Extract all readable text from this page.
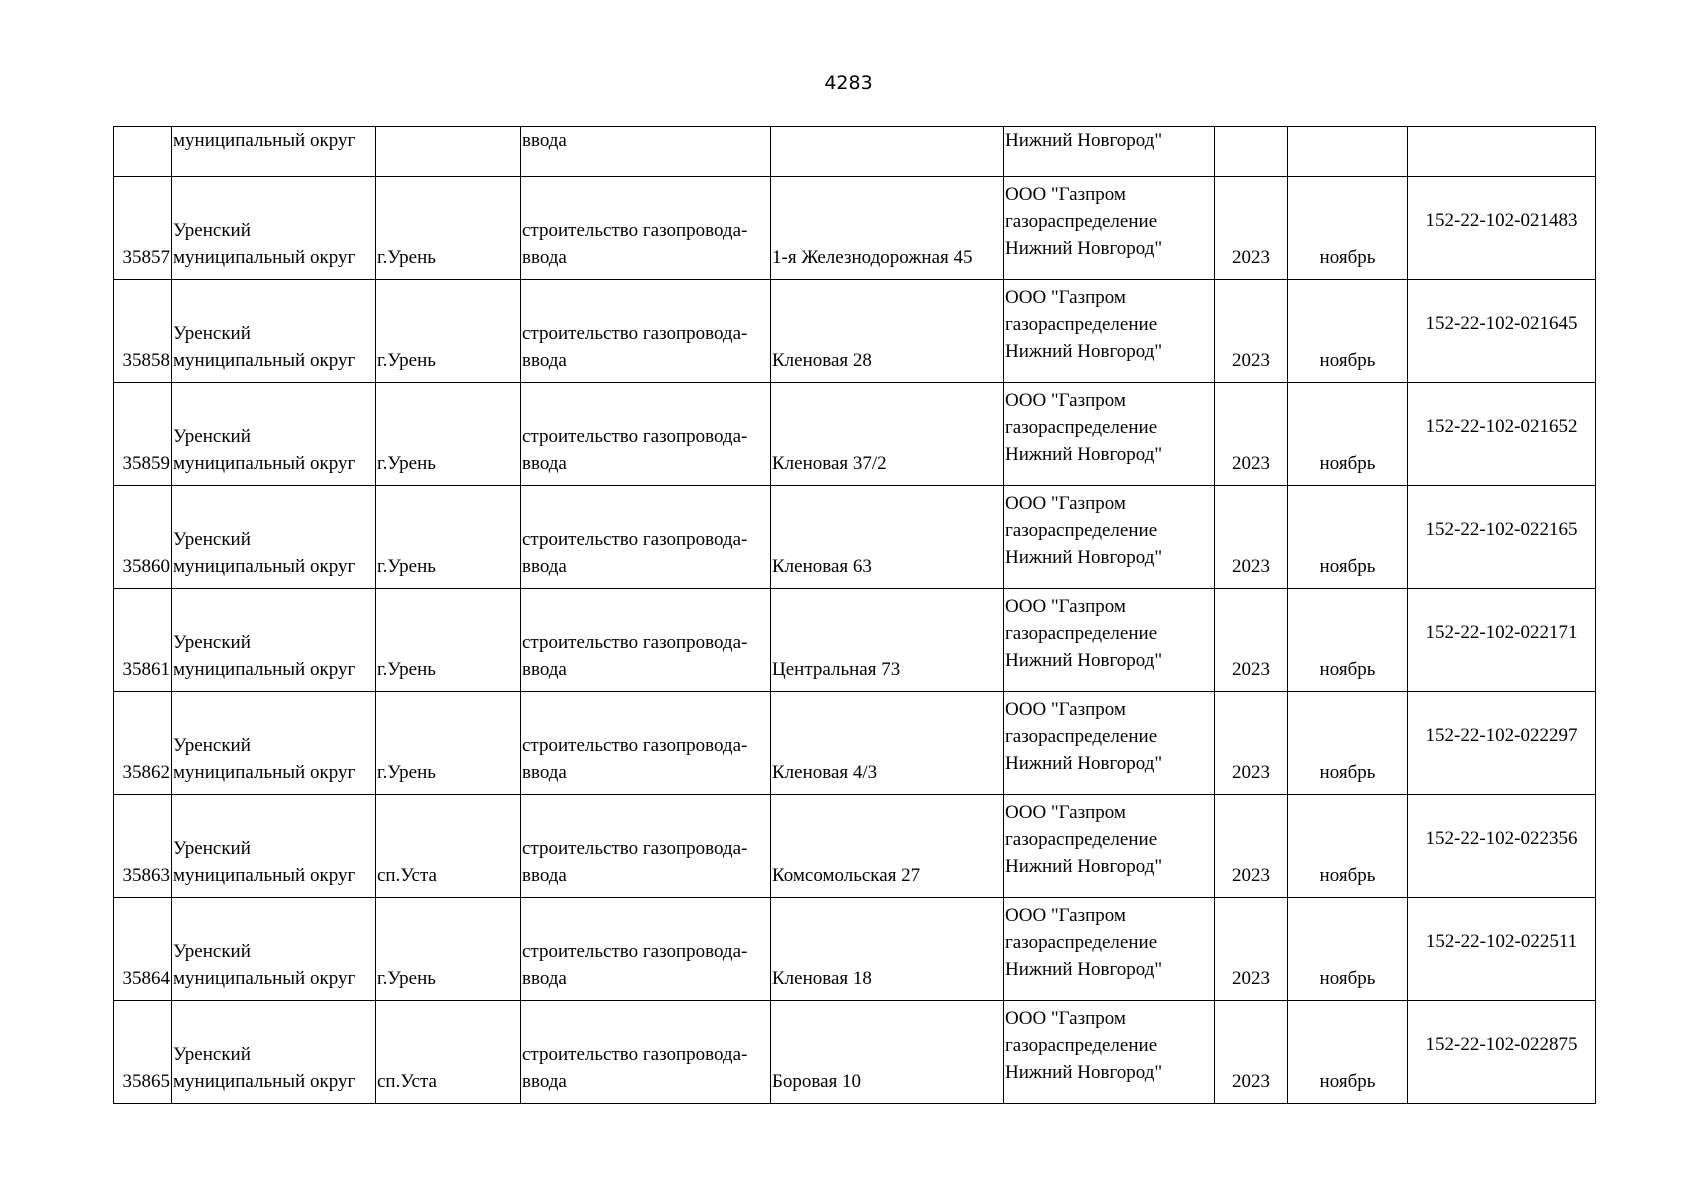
4283

	муниципальный округ		ввода		Нижний Новгород"			

35857	Уренский
муниципальный округ	г.Урень	строительство газопровода-
ввода	1-я Железнодорожная 45	ООО "Газпром
газораспределение
Нижний Новгород"	2023	ноябрь	152-22-102-021483

35858	Уренский
муниципальный округ	г.Урень	строительство газопровода-
ввода	Кленовая 28	ООО "Газпром
газораспределение
Нижний Новгород"	2023	ноябрь	152-22-102-021645

35859	Уренский
муниципальный округ	г.Урень	строительство газопровода-
ввода	Кленовая 37/2	ООО "Газпром
газораспределение
Нижний Новгород"	2023	ноябрь	152-22-102-021652

35860	Уренский
муниципальный округ	г.Урень	строительство газопровода-
ввода	Кленовая 63	ООО "Газпром
газораспределение
Нижний Новгород"	2023	ноябрь	152-22-102-022165

35861	Уренский
муниципальный округ	г.Урень	строительство газопровода-
ввода	Центральная 73	ООО "Газпром
газораспределение
Нижний Новгород"	2023	ноябрь	152-22-102-022171

35862	Уренский
муниципальный округ	г.Урень	строительство газопровода-
ввода	Кленовая 4/3	ООО "Газпром
газораспределение
Нижний Новгород"	2023	ноябрь	152-22-102-022297

35863	Уренский
муниципальный округ	сп.Уста	строительство газопровода-
ввода	Комсомольская 27	ООО "Газпром
газораспределение
Нижний Новгород"	2023	ноябрь	152-22-102-022356

35864	Уренский
муниципальный округ	г.Урень	строительство газопровода-
ввода	Кленовая 18	ООО "Газпром
газораспределение
Нижний Новгород"	2023	ноябрь	152-22-102-022511

35865	Уренский
муниципальный округ	сп.Уста	строительство газопровода-
ввода	Боровая 10	ООО "Газпром
газораспределение
Нижний Новгород"	2023	ноябрь	152-22-102-022875
